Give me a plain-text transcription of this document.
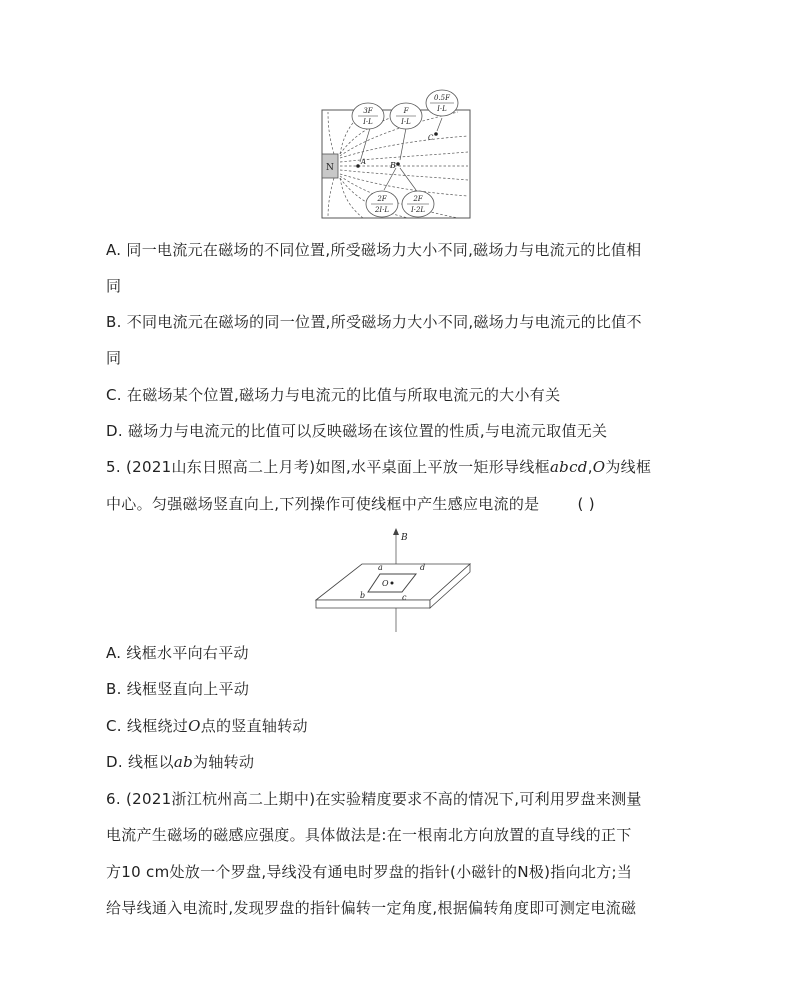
N
A	B
C
3F
I·L
F
I·L
0.5F
I·L
2F
2I·L
2F
I·2L
A. 同一电流元在磁场的不同位置,所受磁场力大小不同,磁场力与电流元的比值相
同
B. 不同电流元在磁场的同一位置,所受磁场力大小不同,磁场力与电流元的比值不
同
C. 在磁场某个位置,磁场力与电流元的比值与所取电流元的大小有关
D. 磁场力与电流元的比值可以反映磁场在该位置的性质,与电流元取值无关
5. (2021山东日照高二上月考)如图,水平桌面上平放一矩形导线框abcd,O为线框
中心。匀强磁场竖直向上,下列操作可使线框中产生感应电流的是	( )
B
a	d
O
b	c
A. 线框水平向右平动
B. 线框竖直向上平动
C. 线框绕过O点的竖直轴转动
D. 线框以ab为轴转动
6. (2021浙江杭州高二上期中)在实验精度要求不高的情况下,可利用罗盘来测量
电流产生磁场的磁感应强度。具体做法是:在一根南北方向放置的直导线的正下
方10 cm处放一个罗盘,导线没有通电时罗盘的指针(小磁针的N极)指向北方;当
给导线通入电流时,发现罗盘的指针偏转一定角度,根据偏转角度即可测定电流磁
